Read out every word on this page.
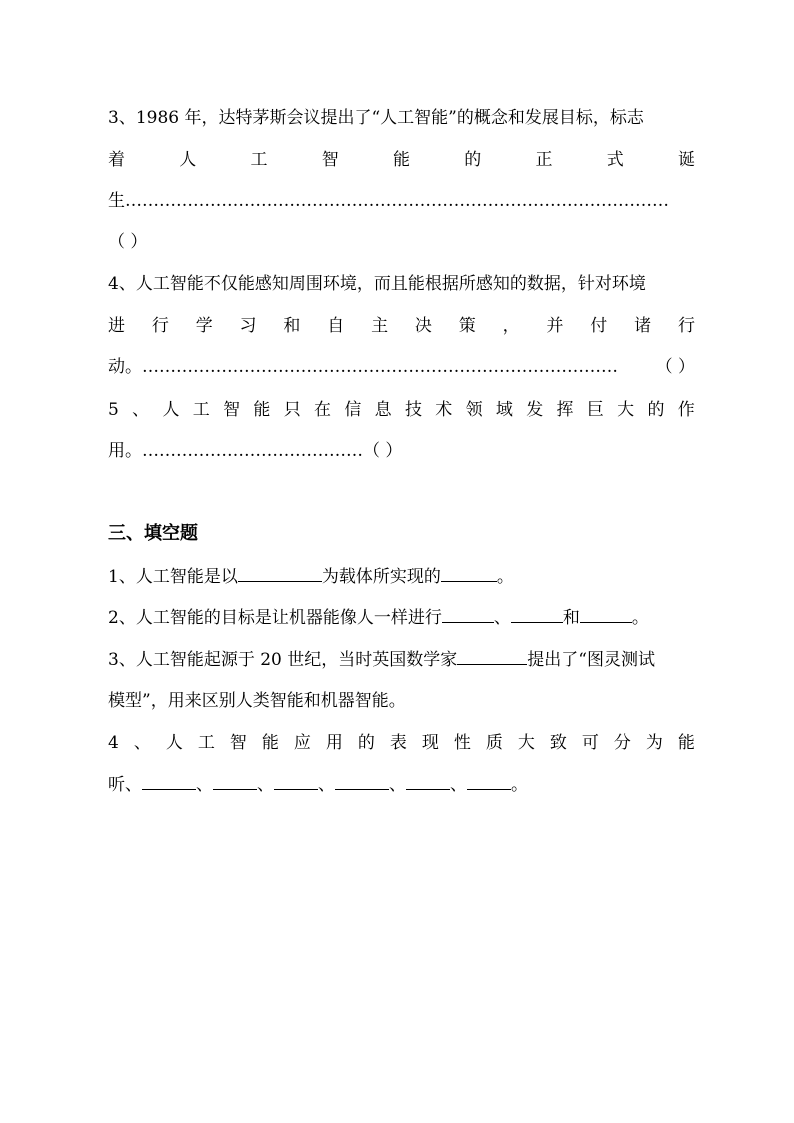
3、1986 年，达特茅斯会议提出了“人工智能”的概念和发展目标，标志
着	人	工	智	能	的	正	式	诞
生……………………………………………………………………………………
（ ）
4、人工智能不仅能感知周围环境，而且能根据所感知的数据，针对环境
进 行 学 习 和 自 主 决 策 ， 并 付 诸 行
动。………………………………………………………………………… （ ）
5 、 人 工 智 能 只 在 信 息 技 术 领 域 发 挥 巨 大 的 作
用。…………………………………（ ）
三、填空题
1、人工智能是以	为载体所实现的	。
2、人工智能的目标是让机器能像人一样进行	、	和	。
3、人工智能起源于 20 世纪，当时英国数学家	提出了“图灵测试
模型”，用来区别人类智能和机器智能。
4 、 人 工 智 能 应 用 的 表 现 性 质 大 致 可 分 为 能
听、	、	、	、	、	、	。
